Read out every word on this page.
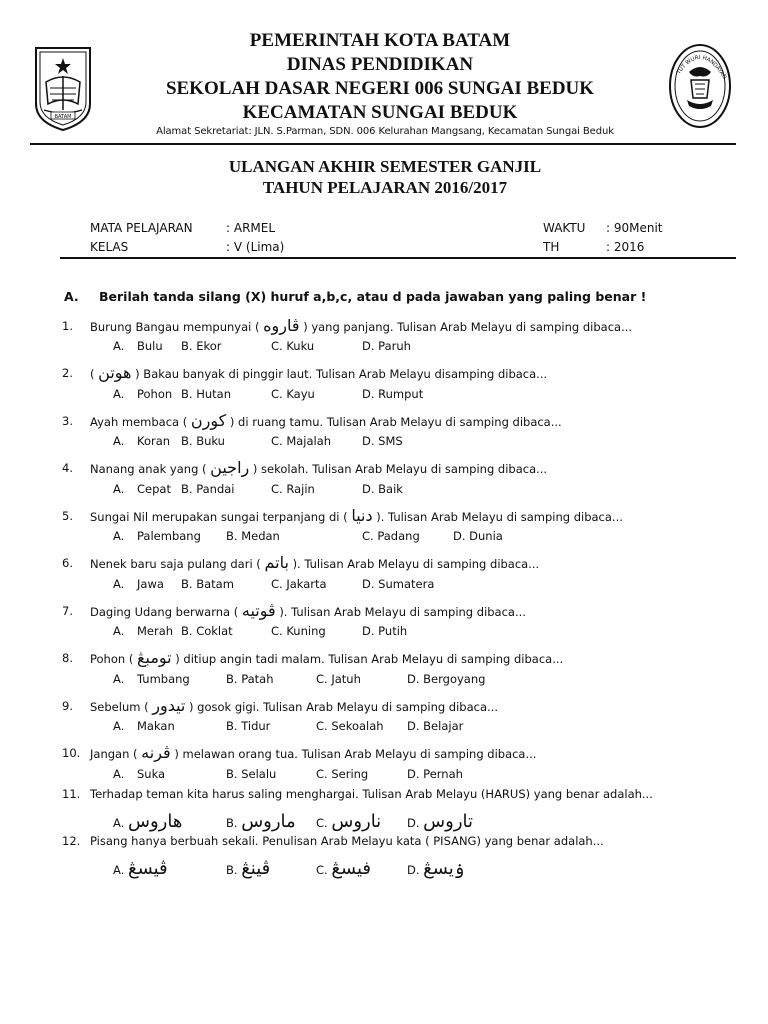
BATAM
PEMERINTAH KOTA BATAM
DINAS PENDIDIKAN
SEKOLAH DASAR NEGERI 006 SUNGAI BEDUK
KECAMATAN SUNGAI BEDUK
Alamat Sekretariat: JLN. S.Parman, SDN. 006 Kelurahan Mangsang, Kecamatan Sungai Beduk
TUT WURI HANDAYAN
ULANGAN AKHIR SEMESTER GANJIL
TAHUN PELAJARAN 2016/2017
MATA PELAJARAN	: ARMEL
KELAS	: V (Lima)
WAKTU : 90Menit
TH	: 2016
A. Berilah tanda silang (X) huruf a,b,c, atau d pada jawaban yang paling benar !
1. Burung Bangau mempunyai ( ڤاروه ) yang panjang. Tulisan Arab Melayu di samping dibaca...
A. Bulu B. Ekor	C. Kuku	D. Paruh
2. ( هوتن ) Bakau banyak di pinggir laut. Tulisan Arab Melayu disamping dibaca...
A. Pohon B. Hutan	C. Kayu	D. Rumput
3. Ayah membaca ( كورن ) di ruang tamu. Tulisan Arab Melayu di samping dibaca...
A. Koran B. Buku	C. Majalah	D. SMS
4. Nanang anak yang ( راجين ) sekolah. Tulisan Arab Melayu di samping dibaca...
A. Cepat B. Pandai	C. Rajin	D. Baik
5. Sungai Nil merupakan sungai terpanjang di ( دنيا ). Tulisan Arab Melayu di samping dibaca...
A. Palembang B. Medan	C. Padang	D. Dunia
6. Nenek baru saja pulang dari ( باتم ). Tulisan Arab Melayu di samping dibaca...
A. Jawa B. Batam	C. Jakarta	D. Sumatera
7. Daging Udang berwarna ( ڤوتيه ). Tulisan Arab Melayu di samping dibaca...
A. Merah B. Coklat	C. Kuning	D. Putih
8. Pohon ( تومبڠ ) ditiup angin tadi malam. Tulisan Arab Melayu di samping dibaca...
A. Tumbang	B. Patah	C. Jatuh	D. Bergoyang
9. Sebelum ( تيدور ) gosok gigi. Tulisan Arab Melayu di samping dibaca...
A. Makan	B. Tidur	C. Sekoalah D. Belajar
10. Jangan ( ڤرنه ) melawan orang tua. Tulisan Arab Melayu di samping dibaca...
A. Suka	B. Selalu	C. Sering	D. Pernah
11. Terhadap teman kita harus saling menghargai. Tulisan Arab Melayu (HARUS) yang benar adalah...
A. هاروس	B. ماروس C. ناروس D. تاروس
12. Pisang hanya berbuah sekali. Penulisan Arab Melayu kata ( PISANG) yang benar adalah...
A. ڤيسڠ	B. ڤينڠ	C. فيسڠ	D. ۏيسڠ
